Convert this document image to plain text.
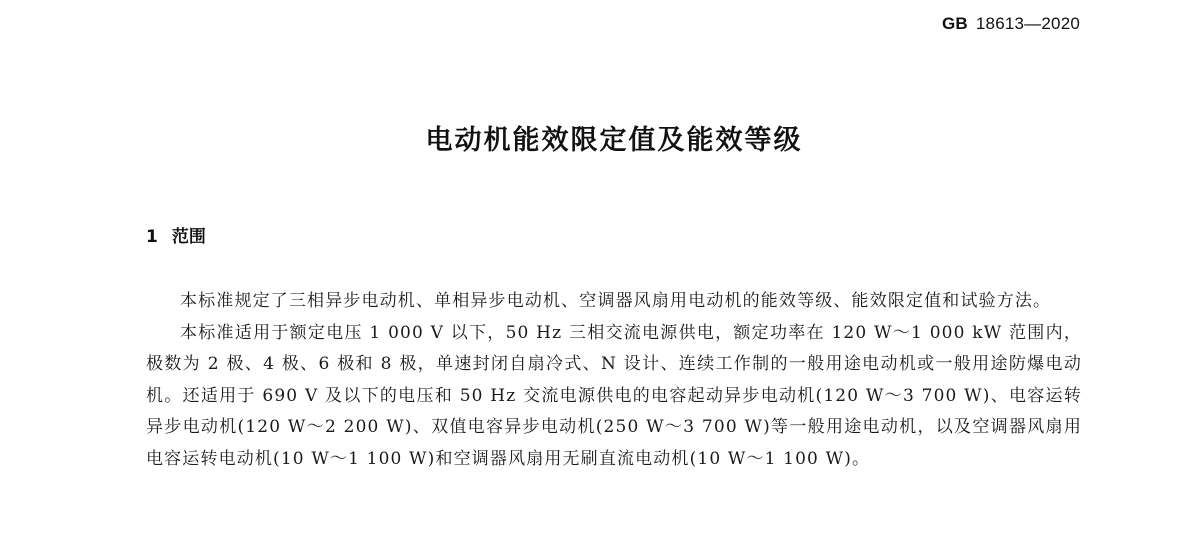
GB 18613—2020
电动机能效限定值及能效等级
1 范围

本标准规定了三相异步电动机、单相异步电动机、空调器风扇用电动机的能效等级、能效限定值和试验方法。

本标准适用于额定电压 1 000 V 以下，50 Hz 三相交流电源供电，额定功率在 120 W～1 000 kW 范围内，极数为 2 极、4 极、6 极和 8 极，单速封闭自扇冷式、N 设计、连续工作制的一般用途电动机或一般用途防爆电动机。还适用于 690 V 及以下的电压和 50 Hz 交流电源供电的电容起动异步电动机(120 W～3 700 W)、电容运转异步电动机(120 W～2 200 W)、双值电容异步电动机(250 W～3 700 W)等一般用途电动机，以及空调器风扇用电容运转电动机(10 W～1 100 W)和空调器风扇用无刷直流电动机(10 W～1 100 W)。
